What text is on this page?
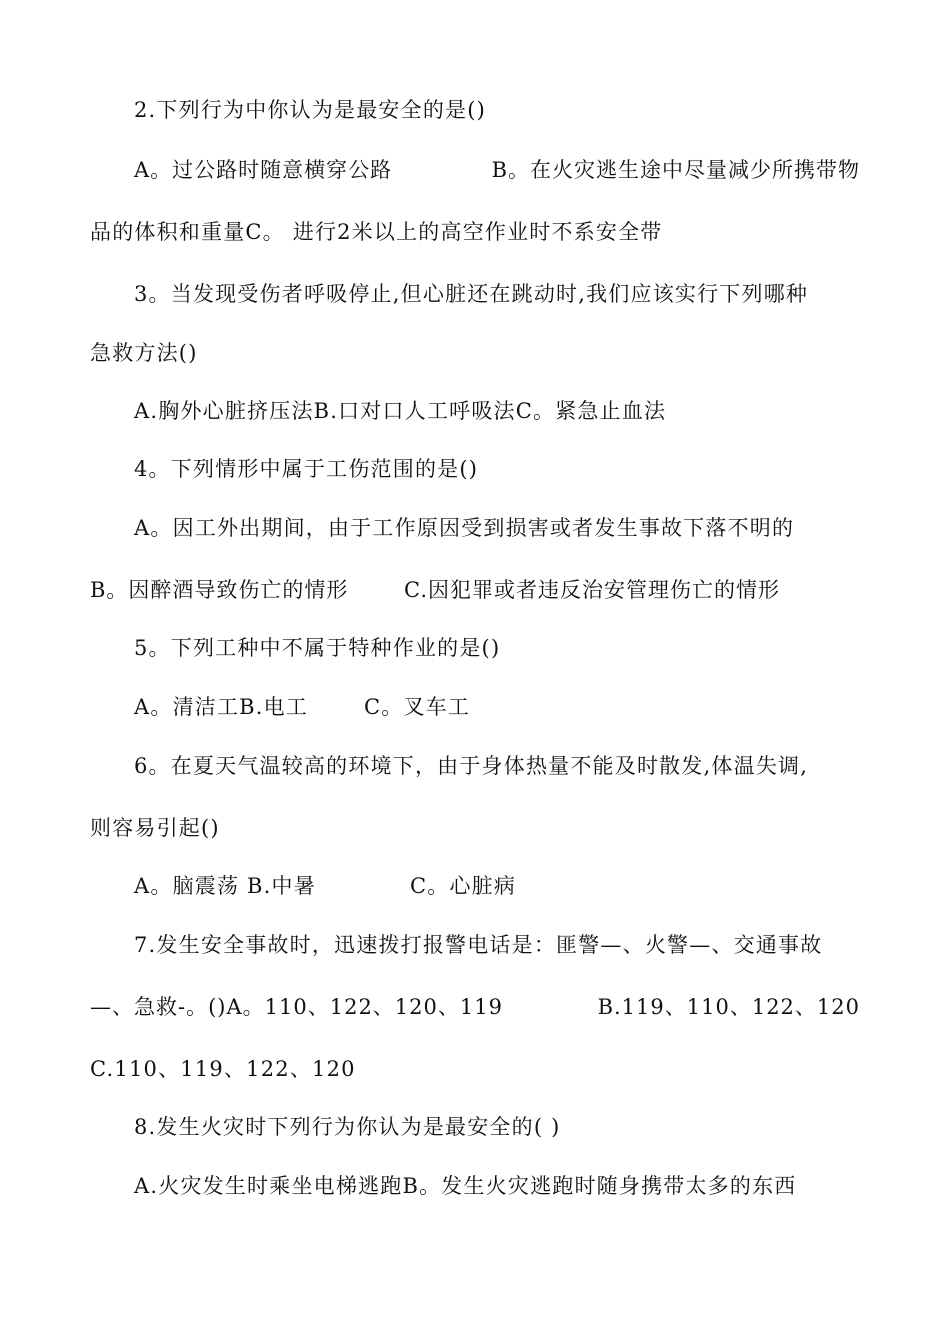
2.下列行为中你认为是最安全的是()
A。过公路时随意横穿公路	B。在火灾逃生途中尽量减少所携带物
品的体积和重量C。 进行2米以上的高空作业时不系安全带
3。当发现受伤者呼吸停止,但心脏还在跳动时,我们应该实行下列哪种
急救方法()
A.胸外心脏挤压法B.口对口人工呼吸法C。紧急止血法
4。下列情形中属于工伤范围的是()
A。因工外出期间，由于工作原因受到损害或者发生事故下落不明的
B。因醉酒导致伤亡的情形	C.因犯罪或者违反治安管理伤亡的情形
5。下列工种中不属于特种作业的是()
A。清洁工B.电工	C。叉车工
6。在夏天气温较高的环境下，由于身体热量不能及时散发,体温失调,
则容易引起()
A。脑震荡 B.中暑	C。心脏病
7.发生安全事故时，迅速拨打报警电话是：匪警—、火警—、交通事故
—、急救-。()A。110、122、120、119	B.119、110、122、120
C.110、119、122、120
8.发生火灾时下列行为你认为是最安全的( )
A.火灾发生时乘坐电梯逃跑B。发生火灾逃跑时随身携带太多的东西
